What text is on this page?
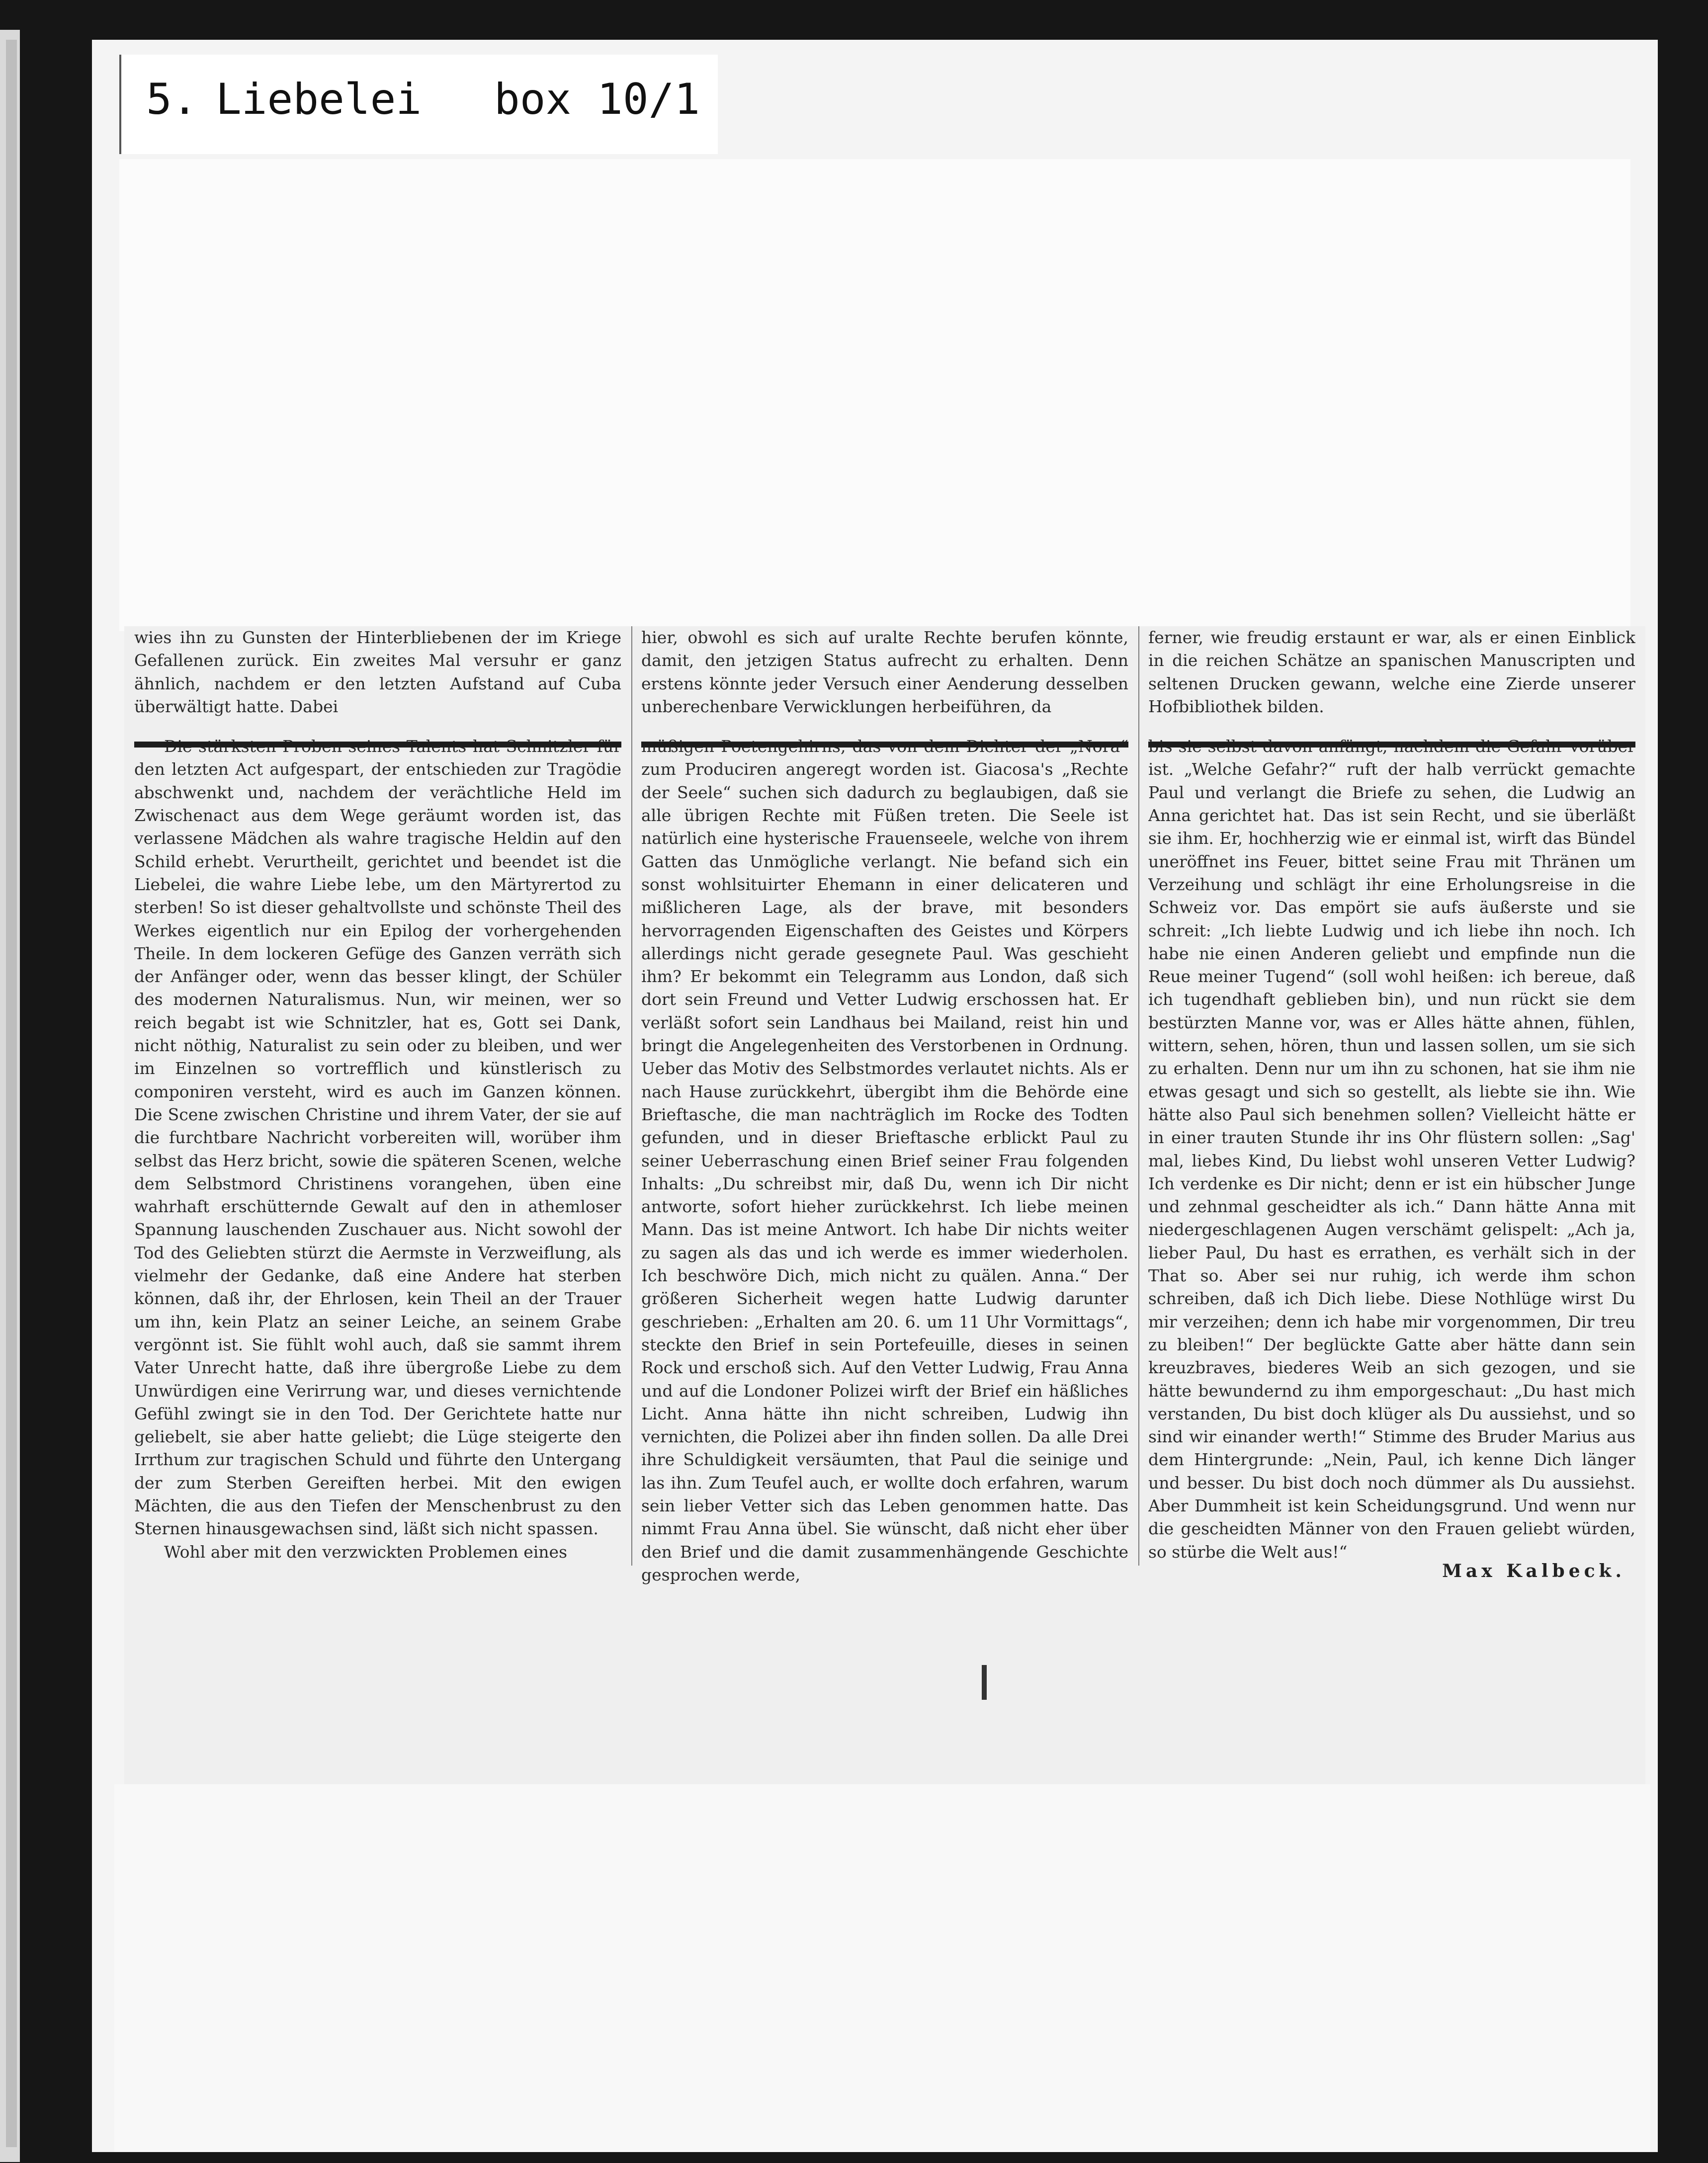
5. Liebelei box 10/1

wies ihn zu Gunsten der Hinterbliebenen der im Kriege Gefallenen zurück. Ein zweites Mal versuhr er ganz ähnlich, nachdem er den letzten Aufstand auf Cuba überwältigt hatte. Dabei

den letzten Act aufgespart, der entschieden zur Tragödie abschwenkt und, nachdem der verächtliche Held im Zwischenact aus dem Wege geräumt worden ist, das verlassene Mädchen als wahre tragische Heldin auf den Schild erhebt. Verurtheilt, gerichtet und beendet ist die Liebelei, die wahre Liebe lebe, um den Märtyrertod zu sterben! So ist dieser gehaltvollste und schönste Theil des Werkes eigentlich nur ein Epilog der vorhergehenden Theile. In dem lockeren Gefüge des Ganzen verräth sich der Anfänger oder, wenn das besser klingt, der Schüler des modernen Naturalismus. Nun, wir meinen, wer so reich begabt ist wie Schnitzler, hat es, Gott sei Dank, nicht nöthig, Naturalist zu sein oder zu bleiben, und wer im Einzelnen so vortrefflich und künstlerisch zu componiren versteht, wird es auch im Ganzen können. Die Scene zwischen Christine und ihrem Vater, der sie auf die furchtbare Nachricht vorbereiten will, worüber ihm selbst das Herz bricht, sowie die späteren Scenen, welche dem Selbstmord Christinens vorangehen, üben eine wahrhaft erschütternde Gewalt auf den in athemloser Spannung lauschenden Zuschauer aus. Nicht sowohl der Tod des Geliebten stürzt die Aermste in Verzweiflung, als vielmehr der Gedanke, daß eine Andere hat sterben können, daß ihr, der Ehrlosen, kein Theil an der Trauer um ihn, kein Platz an seiner Leiche, an seinem Grabe vergönnt ist. Sie fühlt wohl auch, daß sie sammt ihrem Vater Unrecht hatte, daß ihre übergroße Liebe zu dem Unwürdigen eine Verirrung war, und dieses vernichtende Gefühl zwingt sie in den Tod. Der Gerichtete hatte nur geliebelt, sie aber hatte geliebt; die Lüge steigerte den Irrthum zur tragischen Schuld und führte den Untergang der zum Sterben Gereiften herbei. Mit den ewigen Mächten, die aus den Tiefen der Menschenbrust zu den Sternen hinausgewachsen sind, läßt sich nicht spassen.

Wohl aber mit den verzwickten Problemen eines

hier, obwohl es sich auf uralte Rechte berufen könnte, damit, den jetzigen Status aufrecht zu erhalten. Denn erstens könnte jeder Versuch einer Aenderung desselben unberechenbare Verwicklungen herbeiführen, da

zum Produciren angeregt worden ist. Giacosa's „Rechte der Seele“ suchen sich dadurch zu beglaubigen, daß sie alle übrigen Rechte mit Füßen treten. Die Seele ist natürlich eine hysterische Frauenseele, welche von ihrem Gatten das Unmögliche verlangt. Nie befand sich ein sonst wohlsituirter Ehemann in einer delicateren und mißlicheren Lage, als der brave, mit besonders hervorragenden Eigenschaften des Geistes und Körpers allerdings nicht gerade gesegnete Paul. Was geschieht ihm? Er bekommt ein Telegramm aus London, daß sich dort sein Freund und Vetter Ludwig erschossen hat. Er verläßt sofort sein Landhaus bei Mailand, reist hin und bringt die Angelegenheiten des Verstorbenen in Ordnung. Ueber das Motiv des Selbstmordes verlautet nichts. Als er nach Hause zurückkehrt, übergibt ihm die Behörde eine Brieftasche, die man nachträglich im Rocke des Todten gefunden, und in dieser Brieftasche erblickt Paul zu seiner Ueberraschung einen Brief seiner Frau folgenden Inhalts: „Du schreibst mir, daß Du, wenn ich Dir nicht antworte, sofort hieher zurückkehrst. Ich liebe meinen Mann. Das ist meine Antwort. Ich habe Dir nichts weiter zu sagen als das und ich werde es immer wiederholen. Ich beschwöre Dich, mich nicht zu quälen. Anna.“ Der größeren Sicherheit wegen hatte Ludwig darunter geschrieben: „Erhalten am 20. 6. um 11 Uhr Vormittags“, steckte den Brief in sein Portefeuille, dieses in seinen Rock und erschoß sich. Auf den Vetter Ludwig, Frau Anna und auf die Londoner Polizei wirft der Brief ein häßliches Licht. Anna hätte ihn nicht schreiben, Ludwig ihn vernichten, die Polizei aber ihn finden sollen. Da alle Drei ihre Schuldigkeit versäumten, that Paul die seinige und las ihn. Zum Teufel auch, er wollte doch erfahren, warum sein lieber Vetter sich das Leben genommen hatte. Das nimmt Frau Anna übel. Sie wünscht, daß nicht eher über den Brief und die damit zusammenhängende Geschichte gesprochen werde,

ferner, wie freudig erstaunt er war, als er einen Einblick in die reichen Schätze an spanischen Manuscripten und seltenen Drucken gewann, welche eine Zierde unserer Hofbibliothek bilden.

ist. „Welche Gefahr?“ ruft der halb verrückt gemachte Paul und verlangt die Briefe zu sehen, die Ludwig an Anna gerichtet hat. Das ist sein Recht, und sie überläßt sie ihm. Er, hochherzig wie er einmal ist, wirft das Bündel uneröffnet ins Feuer, bittet seine Frau mit Thränen um Verzeihung und schlägt ihr eine Erholungsreise in die Schweiz vor. Das empört sie aufs äußerste und sie schreit: „Ich liebte Ludwig und ich liebe ihn noch. Ich habe nie einen Anderen geliebt und empfinde nun die Reue meiner Tugend“ (soll wohl heißen: ich bereue, daß ich tugendhaft geblieben bin), und nun rückt sie dem bestürzten Manne vor, was er Alles hätte ahnen, fühlen, wittern, sehen, hören, thun und lassen sollen, um sie sich zu erhalten. Denn nur um ihn zu schonen, hat sie ihm nie etwas gesagt und sich so gestellt, als liebte sie ihn. Wie hätte also Paul sich benehmen sollen? Vielleicht hätte er in einer trauten Stunde ihr ins Ohr flüstern sollen: „Sag' mal, liebes Kind, Du liebst wohl unseren Vetter Ludwig? Ich verdenke es Dir nicht; denn er ist ein hübscher Junge und zehnmal gescheidter als ich.“ Dann hätte Anna mit niedergeschlagenen Augen verschämt gelispelt: „Ach ja, lieber Paul, Du hast es errathen, es verhält sich in der That so. Aber sei nur ruhig, ich werde ihm schon schreiben, daß ich Dich liebe. Diese Nothlüge wirst Du mir verzeihen; denn ich habe mir vorgenommen, Dir treu zu bleiben!“ Der beglückte Gatte aber hätte dann sein kreuzbraves, biederes Weib an sich gezogen, und sie hätte bewundernd zu ihm emporgeschaut: „Du hast mich verstanden, Du bist doch klüger als Du aussiehst, und so sind wir einander werth!“ Stimme des Bruder Marius aus dem Hintergrunde: „Nein, Paul, ich kenne Dich länger und besser. Du bist doch noch dümmer als Du aussiehst. Aber Dummheit ist kein Scheidungsgrund. Und wenn nur die gescheidten Männer von den Frauen geliebt würden, so stürbe die Welt aus!“

Max Kalbeck.
